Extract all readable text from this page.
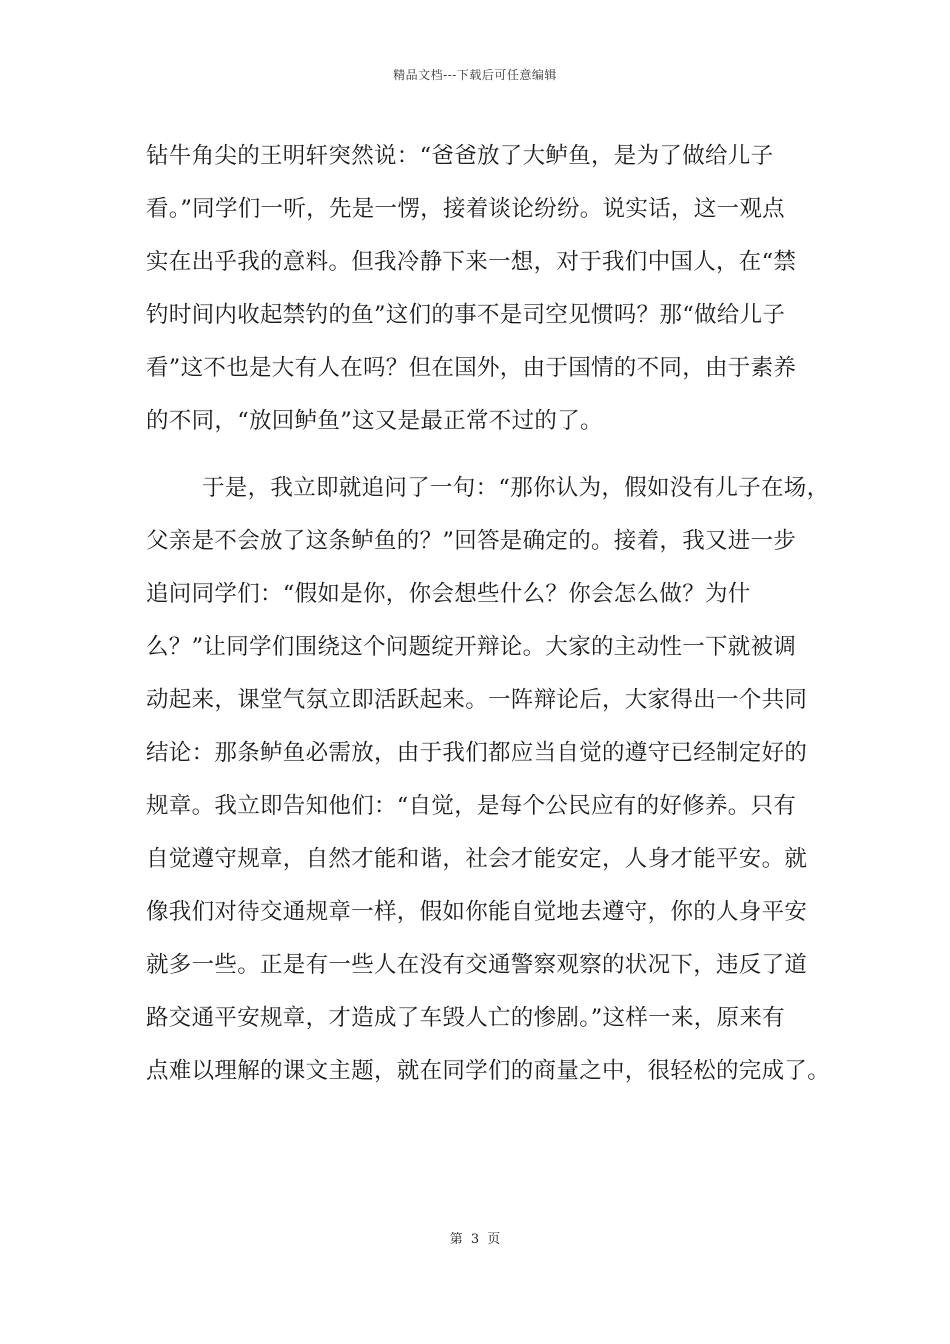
精品文档---下载后可任意编辑
钻牛角尖的王明轩突然说：“爸爸放了大鲈鱼，是为了做给儿子
看。”同学们一听，先是一愣，接着谈论纷纷。说实话，这一观点
实在出乎我的意料。但我冷静下来一想，对于我们中国人，在“禁
钓时间内收起禁钓的鱼”这们的事不是司空见惯吗？那“做给儿子
看”这不也是大有人在吗？但在国外，由于国情的不同，由于素养
的不同，“放回鲈鱼”这又是最正常不过的了。
于是，我立即就追问了一句：“那你认为，假如没有儿子在场，
父亲是不会放了这条鲈鱼的？”回答是确定的。接着，我又进一步
追问同学们：“假如是你，你会想些什么？你会怎么做？为什
么？”让同学们围绕这个问题绽开辩论。大家的主动性一下就被调
动起来，课堂气氛立即活跃起来。一阵辩论后，大家得出一个共同
结论：那条鲈鱼必需放，由于我们都应当自觉的遵守已经制定好的
规章。我立即告知他们：“自觉，是每个公民应有的好修养。只有
自觉遵守规章，自然才能和谐，社会才能安定，人身才能平安。就
像我们对待交通规章一样，假如你能自觉地去遵守，你的人身平安
就多一些。正是有一些人在没有交通警察观察的状况下，违反了道
路交通平安规章，才造成了车毁人亡的惨剧。”这样一来，原来有
点难以理解的课文主题，就在同学们的商量之中，很轻松的完成了。
第 3 页
